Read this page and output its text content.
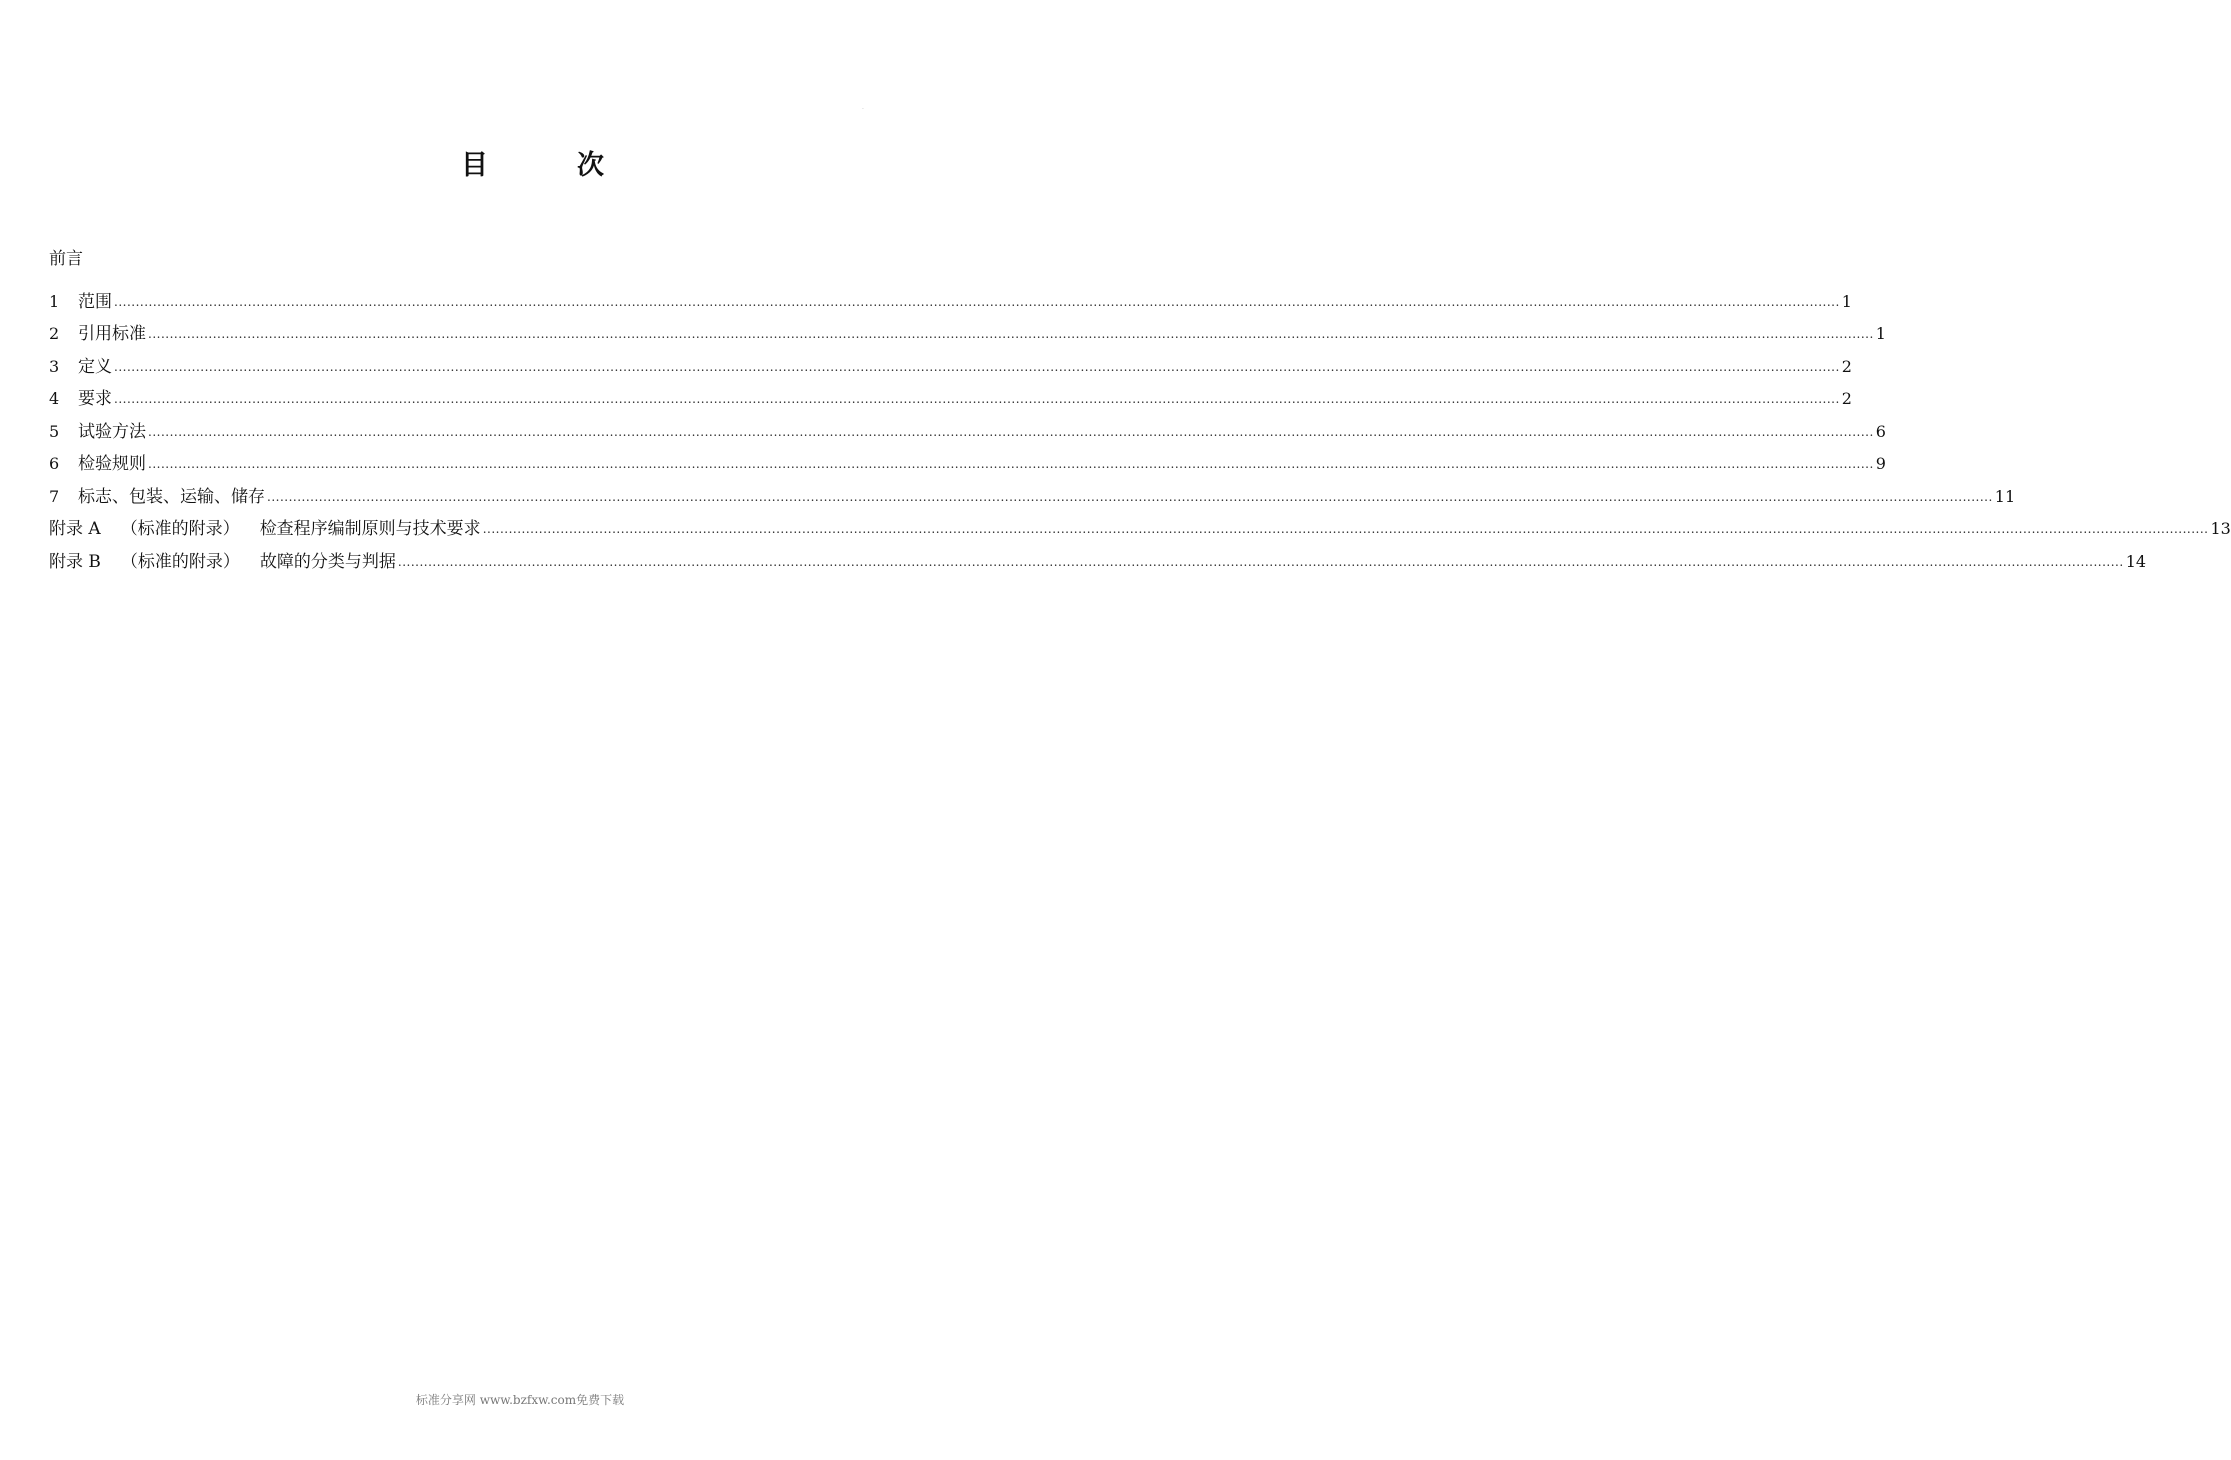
.
目	次
前言
1	范围 ................................................................................................................................................................................................................................................................................................................................................................................................................ 1
2	引用标准 ................................................................................................................................................................................................................................................................................................................................................................................................................ 1
3	定义 ................................................................................................................................................................................................................................................................................................................................................................................................................ 2
4	要求 ................................................................................................................................................................................................................................................................................................................................................................................................................ 2
5	试验方法 ................................................................................................................................................................................................................................................................................................................................................................................................................ 6
6	检验规则 ................................................................................................................................................................................................................................................................................................................................................................................................................ 9
7	标志、包装、运输、储存 ................................................................................................................................................................................................................................................................................................................................................................................................................ 11
附录 A （标准的附录） 检查程序编制原则与技术要求 ................................................................................................................................................................................................................................................................................................................................................................................................................ 13
附录 B （标准的附录） 故障的分类与判据 ................................................................................................................................................................................................................................................................................................................................................................................................................ 14
标准分享网 www.bzfxw.com免费下载
